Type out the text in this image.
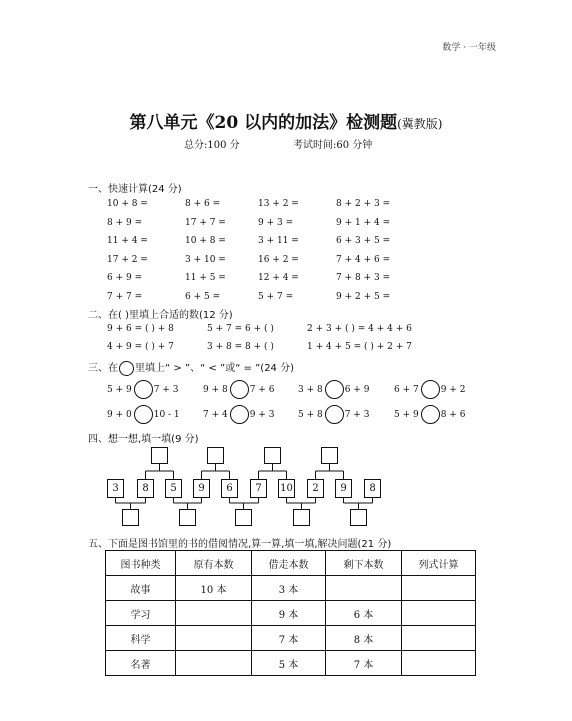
数学 · 一年级
第八单元《20 以内的加法》检测题(冀教版)
总分:100 分	考试时间:60 分钟
一、快速计算(24 分)
10 + 8 =	8 + 6 =	13 + 2 =	8 + 2 + 3 =
8 + 9 =	17 + 7 =	9 + 3 =	9 + 1 + 4 =
11 + 4 =	10 + 8 =	3 + 11 =	6 + 3 + 5 =
17 + 2 =	3 + 10 =	16 + 2 =	7 + 4 + 6 =
6 + 9 =	11 + 5 =	12 + 4 =	7 + 8 + 3 =
7 + 7 =	6 + 5 =	5 + 7 =	9 + 2 + 5 =
二、在( )里填上合适的数(12 分)
9 + 6 = ( ) + 8	5 + 7 = 6 + ( )	2 + 3 + ( ) = 4 + 4 + 6
4 + 9 = ( ) + 7	3 + 8 = 8 + ( )	1 + 4 + 5 = ( ) + 2 + 7
三、在 里填上“ > ”、“ < ”或“ = ”(24 分)
5 + 9 7 + 3	9 + 8 7 + 6	3 + 8 6 + 9	6 + 7 9 + 2
9 + 0 10 - 1	7 + 4 9 + 3	5 + 8 7 + 3	5 + 9 8 + 6
四、想一想,填一填(9 分)
3	8	5	9	6	7	10	2	9	8
五、下面是图书馆里的书的借阅情况,算一算,填一填,解决问题(21 分)
图书种类	原有本数	借走本数	剩下本数	列式计算
故事	10 本	3 本		
学习		9 本	6 本	
科学		7 本	8 本	
名著		5 本	7 本	
